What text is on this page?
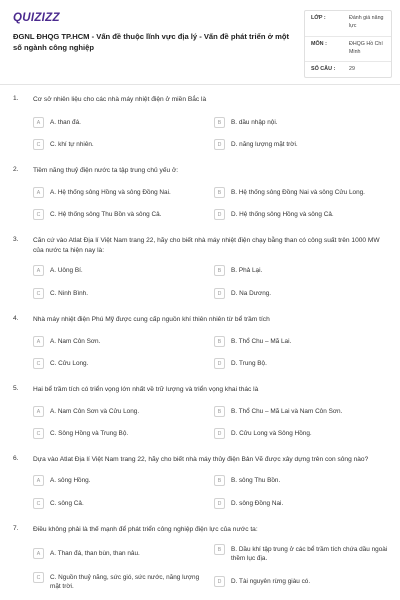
QUIZIZZ
ĐGNL ĐHQG TP.HCM - Vấn đề thuộc lĩnh vực địa lý - Vấn đề phát triển ở một số ngành công nghiệp
LỚP :	Đánh giá năng lực
MÔN :	ĐHQG Hồ Chí Minh
SỐ CÂU :	29
1. Cơ sở nhiên liệu cho các nhà máy nhiệt điện ở miền Bắc là
A	A. than đá.	B	B. dầu nhập nội.
C	C. khí tự nhiên.	D	D. năng lượng mặt trời.
2. Tiềm năng thuỷ điện nước ta tập trung chủ yếu ở:
A	A. Hệ thống sông Hồng và sông Đồng Nai.	B	B. Hệ thống sông Đồng Nai và sông Cửu Long.
C	C. Hệ thống sông Thu Bồn và sông Cả.	D	D. Hệ thống sông Hồng và sông Cả.
3. Căn cứ vào Atlat Địa lí Việt Nam trang 22, hãy cho biết nhà máy nhiệt điện chạy bằng than có công suất trên 1000 MW của nước ta hiện nay là:
A	A. Uông Bí.	B	B. Phả Lại.
C	C. Ninh Bình.	D	D. Na Dương.
4. Nhà máy nhiệt điện Phú Mỹ được cung cấp nguồn khí thiên nhiên từ bể trầm tích
A	A. Nam Côn Sơn.	B	B. Thổ Chu – Mã Lai.
C	C. Cửu Long.	D	D. Trung Bộ.
5. Hai bể trầm tích có triển vọng lớn nhất về trữ lượng và triển vọng khai thác là
A	A. Nam Côn Sơn và Cửu Long.	B	B. Thổ Chu – Mã Lai và Nam Côn Sơn.
C	C. Sông Hồng và Trung Bộ.	D	D. Cửu Long và Sông Hồng.
6. Dựa vào Atlat Địa lí Việt Nam trang 22, hãy cho biết nhà máy thủy điện Bản Vẽ được xây dựng trên con sông nào?
A	A. sông Hồng.	B	B. sông Thu Bồn.
C	C. sông Cả.	D	D. sông Đồng Nai.
7. Điều không phải là thế mạnh để phát triển công nghiệp điện lực của nước ta:
A	A. Than đá, than bùn, than nâu.
B	B. Dầu khí tập trung ở các bể trầm tích chứa dầu ngoài thềm lục địa.
C	C. Nguồn thuỷ năng, sức gió, sức nước, năng lượng mặt trời.
D	D. Tài nguyên rừng giàu có.
